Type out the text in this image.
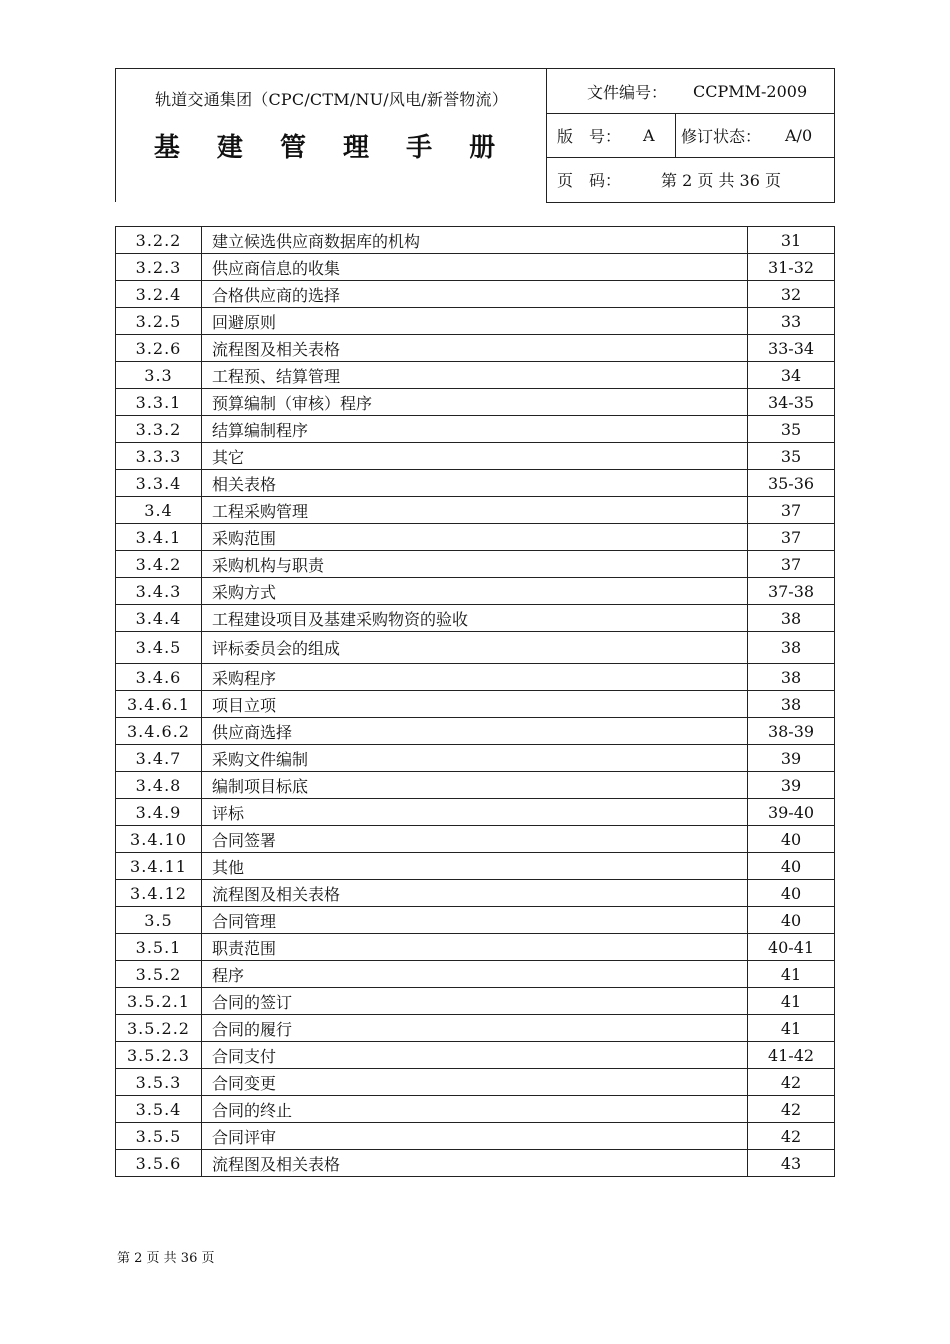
轨道交通集团（CPC/CTM/NU/风电/新誉物流）
基 建 管 理 手 册
文件编号： CCPMM-2009
版　号： A 修订状态： A/0
页　码： 第 2 页 共 36 页
3.2.2	建立候选供应商数据库的机构	31
3.2.3	供应商信息的收集	31-32
3.2.4	合格供应商的选择	32
3.2.5	回避原则	33
3.2.6	流程图及相关表格	33-34
3.3	工程预、结算管理	34
3.3.1	预算编制（审核）程序	34-35
3.3.2	结算编制程序	35
3.3.3	其它	35
3.3.4	相关表格	35-36
3.4	工程采购管理	37
3.4.1	采购范围	37
3.4.2	采购机构与职责	37
3.4.3	采购方式	37-38
3.4.4	工程建设项目及基建采购物资的验收	38
3.4.5	评标委员会的组成	38
3.4.6	采购程序	38
3.4.6.1	项目立项	38
3.4.6.2	供应商选择	38-39
3.4.7	采购文件编制	39
3.4.8	编制项目标底	39
3.4.9	评标	39-40
3.4.10	合同签署	40
3.4.11	其他	40
3.4.12	流程图及相关表格	40
3.5	合同管理	40
3.5.1	职责范围	40-41
3.5.2	程序	41
3.5.2.1	合同的签订	41
3.5.2.2	合同的履行	41
3.5.2.3	合同支付	41-42
3.5.3	合同变更	42
3.5.4	合同的终止	42
3.5.5	合同评审	42
3.5.6	流程图及相关表格	43
第 2 页 共 36 页
